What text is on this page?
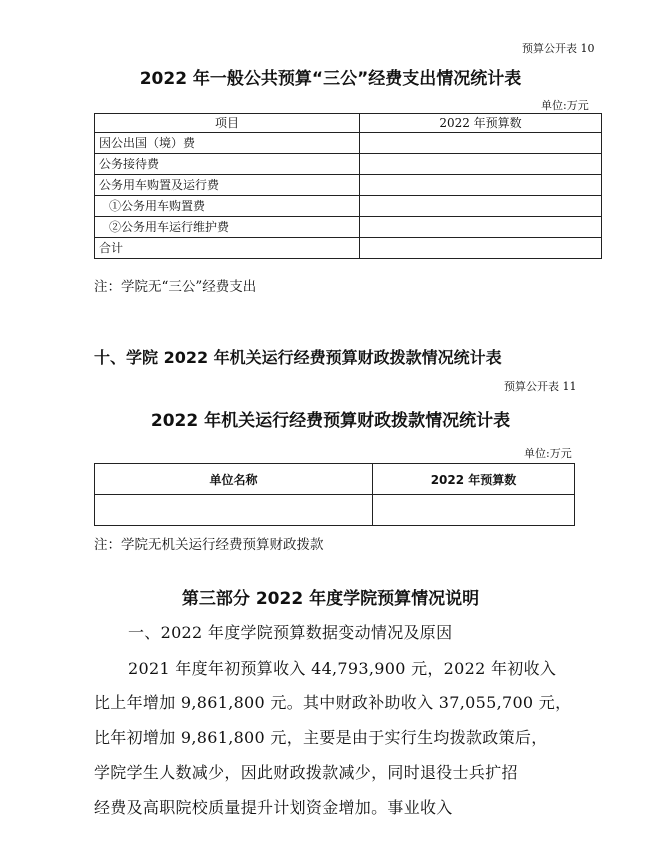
预算公开表 10
2022 年一般公共预算“三公”经费支出情况统计表
单位:万元
项目	2022 年预算数
因公出国（境）费	
公务接待费	
公务用车购置及运行费	
①公务用车购置费	
②公务用车运行维护费	
合计	
注：学院无“三公”经费支出
十、学院 2022 年机关运行经费预算财政拨款情况统计表
预算公开表 11
2022 年机关运行经费预算财政拨款情况统计表
单位:万元
单位名称	2022 年预算数

注：学院无机关运行经费预算财政拨款
第三部分 2022 年度学院预算情况说明
一、2022 年度学院预算数据变动情况及原因
2021 年度年初预算收入 44,793,900 元，2022 年初收入
比上年增加 9,861,800 元。其中财政补助收入 37,055,700 元，
比年初增加 9,861,800 元，主要是由于实行生均拨款政策后，
学院学生人数减少，因此财政拨款减少，同时退役士兵扩招
经费及高职院校质量提升计划资金增加。事业收入
